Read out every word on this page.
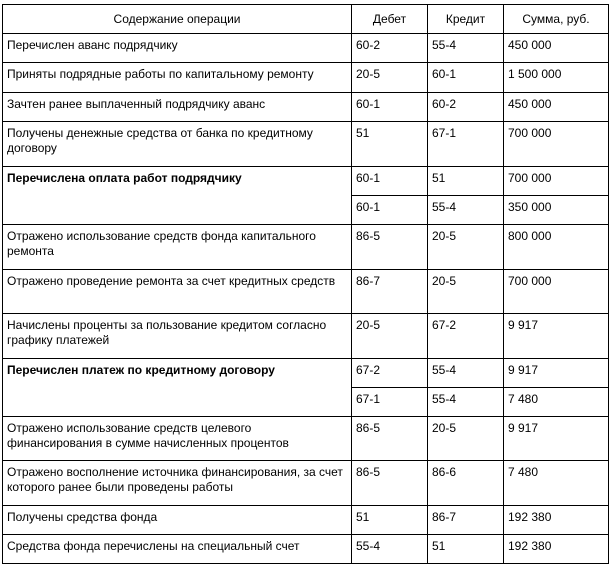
Содержание операции	Дебет	Кредит	Сумма, руб.
Перечислен аванс подрядчику	60-2	55-4	450 000
Приняты подрядные работы по капитальному ремонту	20-5	60-1	1 500 000
Зачтен ранее выплаченный подрядчику аванс	60-1	60-2	450 000
Получены денежные средства от банка по кредитному договору	51	67-1	700 000
Перечислена оплата работ подрядчику	60-1	51	700 000
	60-1	55-4	350 000
Отражено использование средств фонда капитального ремонта	86-5	20-5	800 000
Отражено проведение ремонта за счет кредитных средств	86-7	20-5	700 000
Начислены проценты за пользование кредитом согласно графику платежей	20-5	67-2	9 917
Перечислен платеж по кредитному договору	67-2	55-4	9 917
	67-1	55-4	7 480
Отражено использование средств целевого финансирования в сумме начисленных процентов	86-5	20-5	9 917
Отражено восполнение источника финансирования, за счет которого ранее были проведены работы	86-5	86-6	7 480
Получены средства фонда	51	86-7	192 380
Средства фонда перечислены на специальный счет	55-4	51	192 380
